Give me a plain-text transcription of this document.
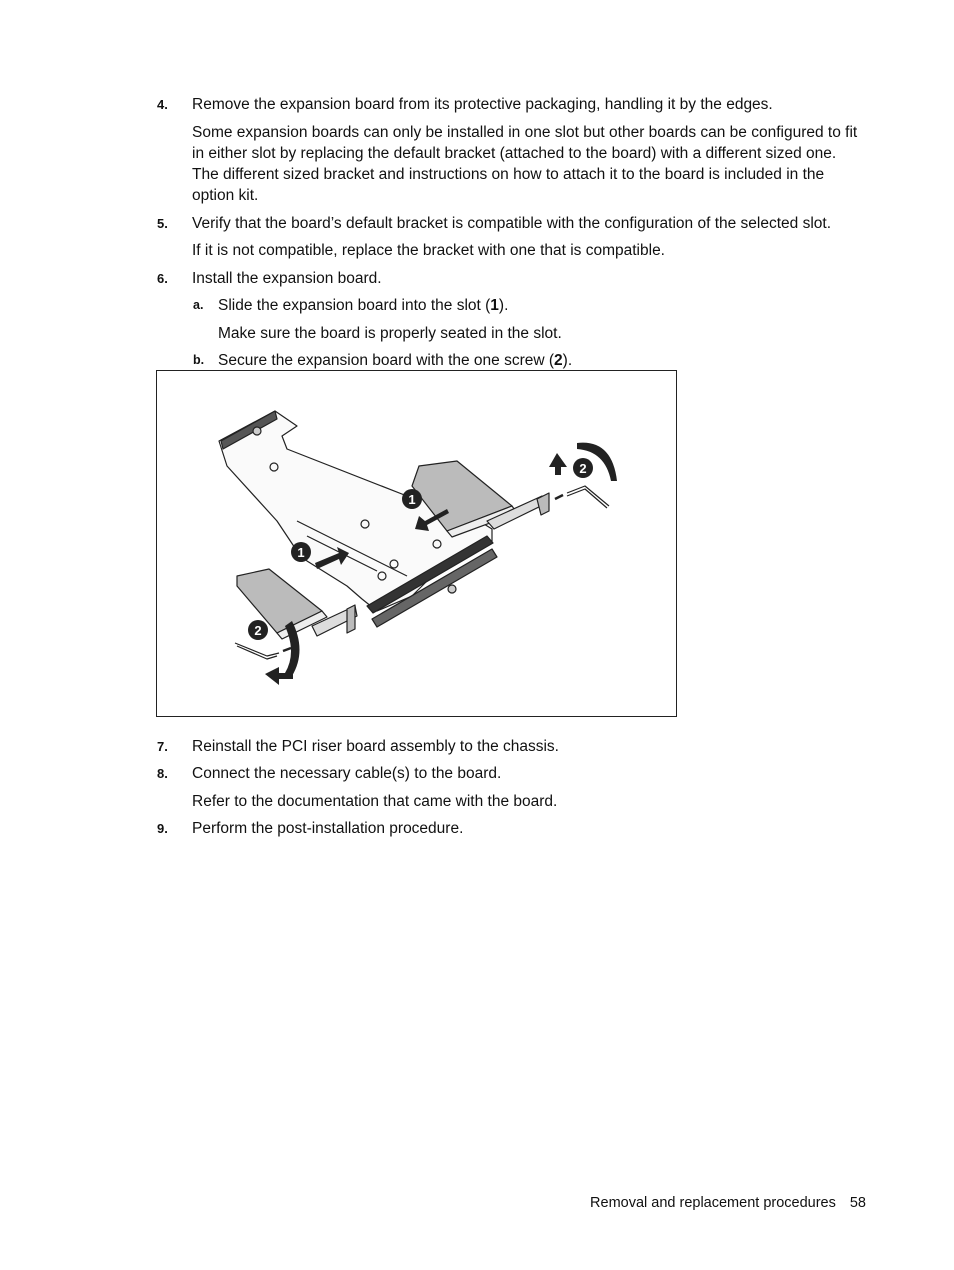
4. Remove the expansion board from its protective packaging, handling it by the edges.
Some expansion boards can only be installed in one slot but other boards can be configured to fit in either slot by replacing the default bracket (attached to the board) with a different sized one. The different sized bracket and instructions on how to attach it to the board is included in the option kit.
5. Verify that the board’s default bracket is compatible with the configuration of the selected slot.
If it is not compatible, replace the bracket with one that is compatible.
6. Install the expansion board.
a. Slide the expansion board into the slot (1).
Make sure the board is properly seated in the slot.
b. Secure the expansion board with the one screw (2).
1
1
2
2
7. Reinstall the PCI riser board assembly to the chassis.
8. Connect the necessary cable(s) to the board.
Refer to the documentation that came with the board.
9. Perform the post-installation procedure.
Removal and replacement procedures 58
